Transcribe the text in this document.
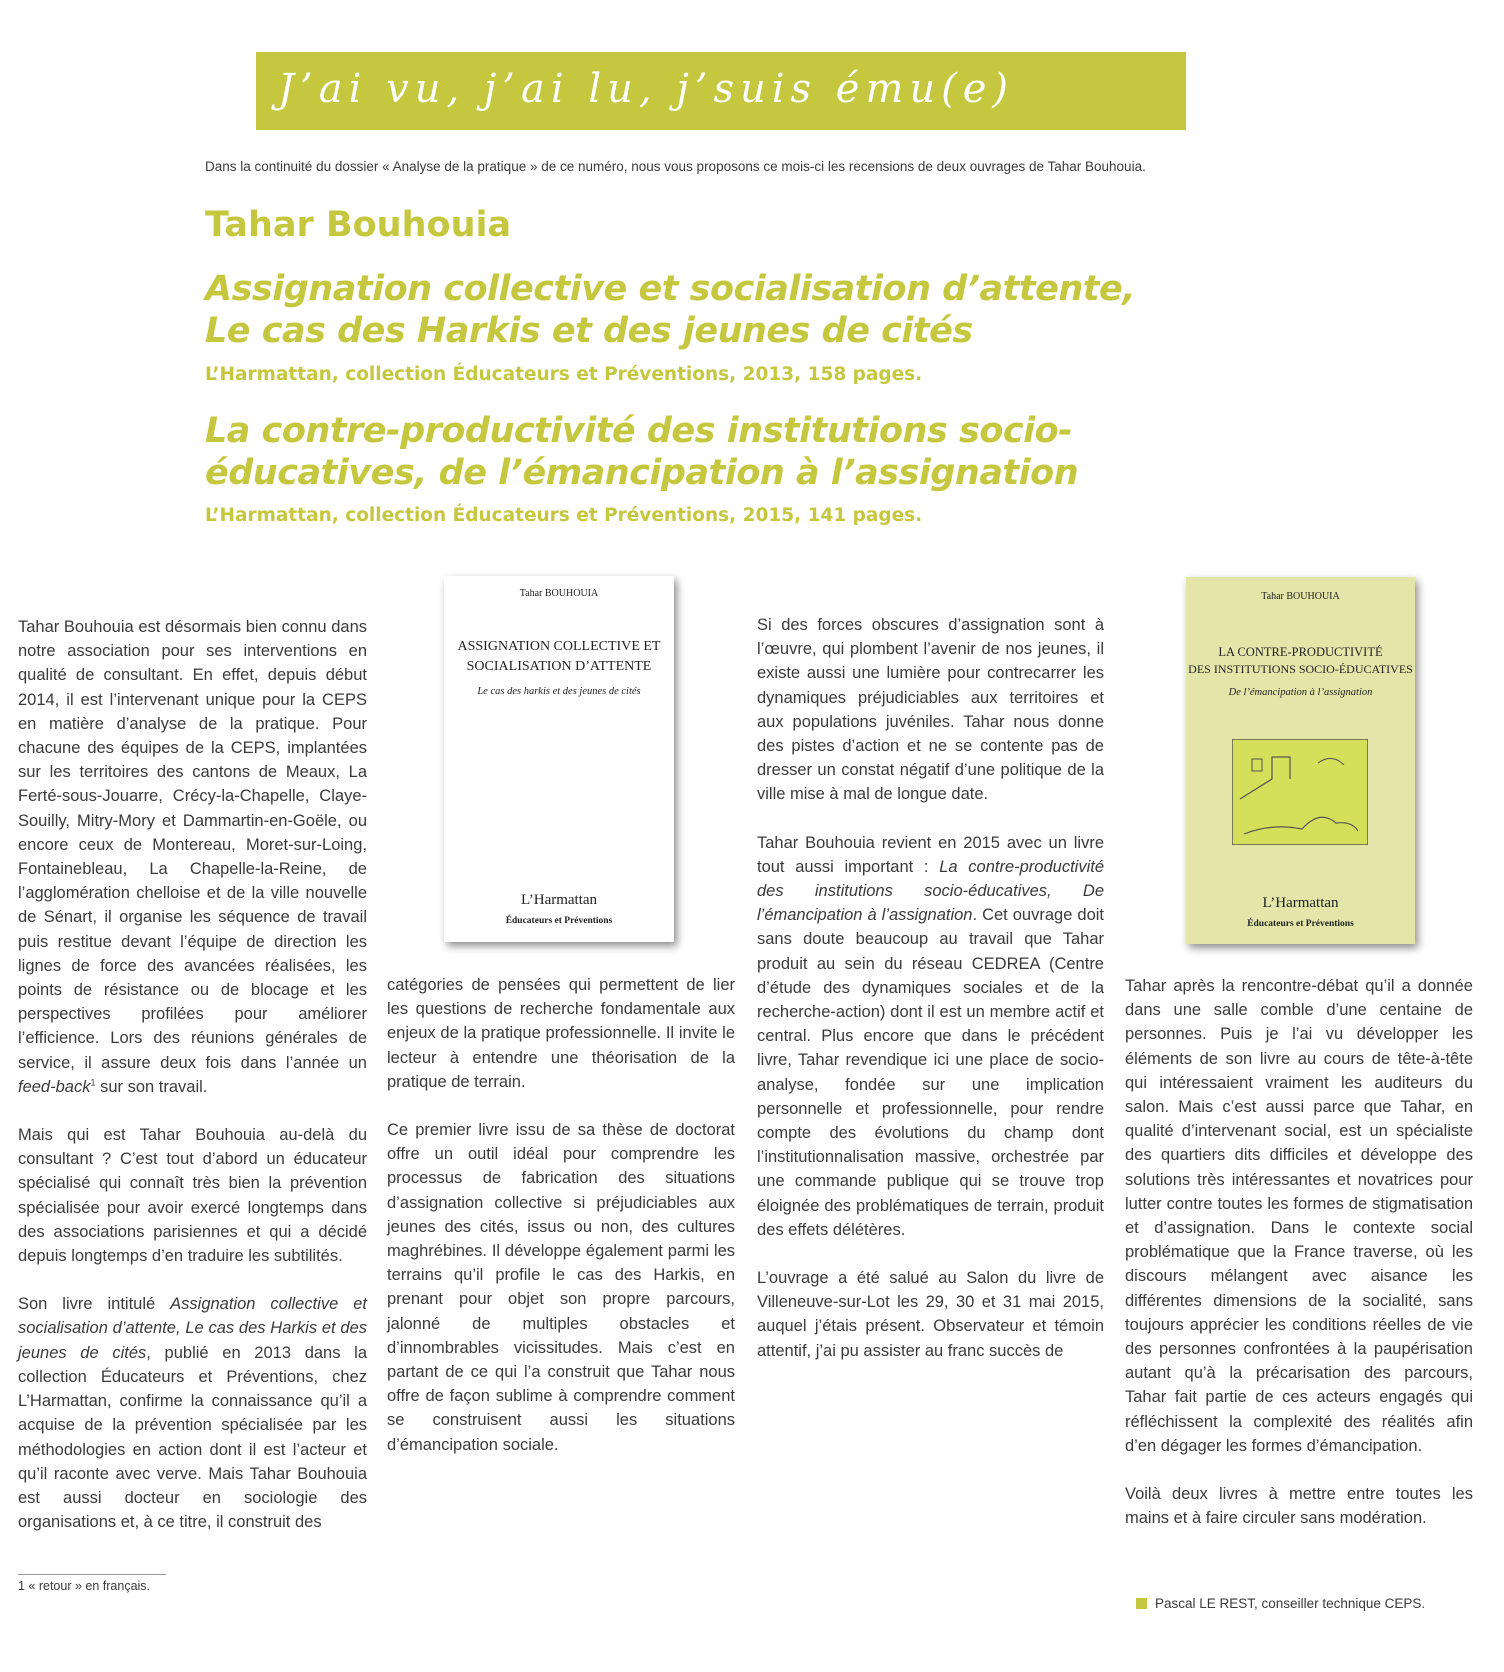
J’ai vu, j’ai lu, j’suis ému(e)
Dans la continuité du dossier « Analyse de la pratique » de ce numéro, nous vous proposons ce mois-ci les recensions de deux ouvrages de Tahar Bouhouia.
Tahar Bouhouia
Assignation collective et socialisation d’attente,
Le cas des Harkis et des jeunes de cités
L’Harmattan, collection Éducateurs et Préventions, 2013, 158 pages.
La contre-productivité des institutions socio-
éducatives, de l’émancipation à l’assignation
L’Harmattan, collection Éducateurs et Préventions, 2015, 141 pages.

Tahar Bouhouia est désormais bien connu dans notre association pour ses interventions en qualité de consultant. En effet, depuis début 2014, il est l’intervenant unique pour la CEPS en matière d’analyse de la pratique. Pour chacune des équipes de la CEPS, implantées sur les territoires des cantons de Meaux, La Ferté-sous-Jouarre, Crécy-la-Chapelle, Claye-Souilly, Mitry-Mory et Dammartin-en-Goële, ou encore ceux de Montereau, Moret-sur-Loing, Fontainebleau, La Chapelle-la-Reine, de l’agglomération chelloise et de la ville nouvelle de Sénart, il organise les séquence de travail puis restitue devant l’équipe de direction les lignes de force des avancées réalisées, les points de résistance ou de blocage et les perspectives profilées pour améliorer l’efficience. Lors des réunions générales de service, il assure deux fois dans l’année un feed-back$^1$ sur son travail.

Mais qui est Tahar Bouhouia au-delà du consultant ? C’est tout d’abord un éducateur spécialisé qui connaît très bien la prévention spécialisée pour avoir exercé longtemps dans des associations parisiennes et qui a décidé depuis longtemps d’en traduire les subtilités.

Son livre intitulé Assignation collective et socialisation d’attente, Le cas des Harkis et des jeunes de cités, publié en 2013 dans la collection Éducateurs et Préventions, chez L’Harmattan, confirme la connaissance qu’il a acquise de la prévention spécialisée par les méthodologies en action dont il est l’acteur et qu’il raconte avec verve. Mais Tahar Bouhouia est aussi docteur en sociologie des organisations et, à ce titre, il construit des

Tahar BOUHOUIA
ASSIGNATION COLLECTIVE ET
SOCIALISATION D’ATTENTE
Le cas des harkis et des jeunes de cités
L’Harmattan
Éducateurs et Préventions

catégories de pensées qui permettent de lier les questions de recherche fondamentale aux enjeux de la pratique professionnelle. Il invite le lecteur à entendre une théorisation de la pratique de terrain.

Ce premier livre issu de sa thèse de doctorat offre un outil idéal pour comprendre les processus de fabrication des situations d’assignation collective si préjudiciables aux jeunes des cités, issus ou non, des cultures maghrébines. Il développe également parmi les terrains qu’il profile le cas des Harkis, en prenant pour objet son propre parcours, jalonné de multiples obstacles et d’innombrables vicissitudes. Mais c’est en partant de ce qui l’a construit que Tahar nous offre de façon sublime à comprendre comment se construisent aussi les situations d’émancipation sociale.

Si des forces obscures d’assignation sont à l’œuvre, qui plombent l’avenir de nos jeunes, il existe aussi une lumière pour contrecarrer les dynamiques préjudiciables aux territoires et aux populations juvéniles. Tahar nous donne des pistes d’action et ne se contente pas de dresser un constat négatif d’une politique de la ville mise à mal de longue date.

Tahar Bouhouia revient en 2015 avec un livre tout aussi important : La contre-productivité des institutions socio-éducatives, De l’émancipation à l’assignation. Cet ouvrage doit sans doute beaucoup au travail que Tahar produit au sein du réseau CEDREA (Centre d’étude des dynamiques sociales et de la recherche-action) dont il est un membre actif et central. Plus encore que dans le précédent livre, Tahar revendique ici une place de socio-analyse, fondée sur une implication personnelle et professionnelle, pour rendre compte des évolutions du champ dont l’institutionnalisation massive, orchestrée par une commande publique qui se trouve trop éloignée des problématiques de terrain, produit des effets délétères.

L’ouvrage a été salué au Salon du livre de Villeneuve-sur-Lot les 29, 30 et 31 mai 2015, auquel j’étais présent. Observateur et témoin attentif, j’ai pu assister au franc succès de

Tahar BOUHOUIA
LA CONTRE-PRODUCTIVITÉ
DES INSTITUTIONS SOCIO-ÉDUCATIVES
De l’émancipation à l’assignation
L’Harmattan
Éducateurs et Préventions

Tahar après la rencontre-débat qu’il a donnée dans une salle comble d’une centaine de personnes. Puis je l’ai vu développer les éléments de son livre au cours de tête-à-tête qui intéressaient vraiment les auditeurs du salon. Mais c’est aussi parce que Tahar, en qualité d’intervenant social, est un spécialiste des quartiers dits difficiles et développe des solutions très intéressantes et novatrices pour lutter contre toutes les formes de stigmatisation et d’assignation. Dans le contexte social problématique que la France traverse, où les discours mélangent avec aisance les différentes dimensions de la socialité, sans toujours apprécier les conditions réelles de vie des personnes confrontées à la paupérisation autant qu’à la précarisation des parcours, Tahar fait partie de ces acteurs engagés qui réfléchissent la complexité des réalités afin d’en dégager les formes d’émancipation.

Voilà deux livres à mettre entre toutes les mains et à faire circuler sans modération.

1 « retour » en français.
Pascal LE REST, conseiller technique CEPS.
